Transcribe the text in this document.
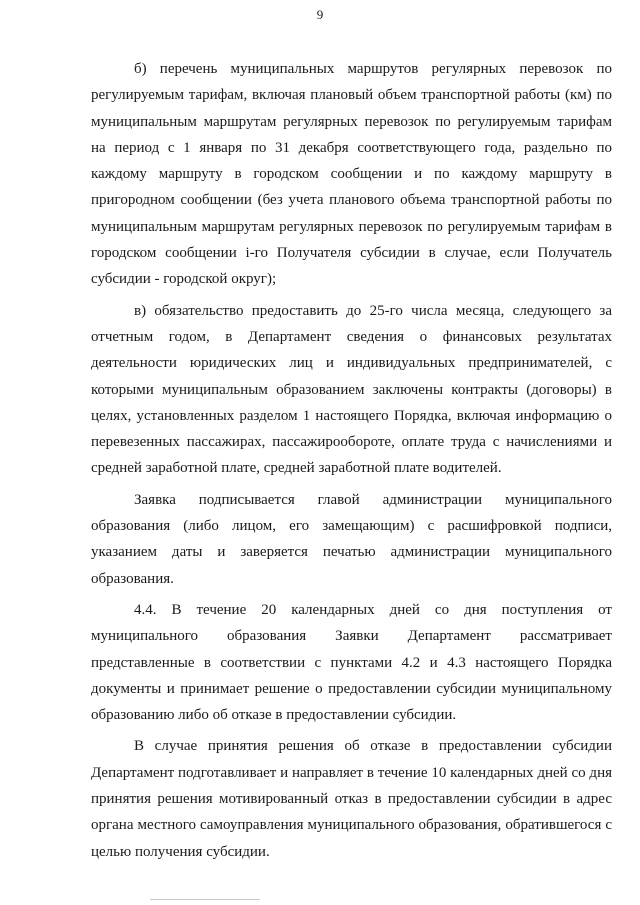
9

б) перечень муниципальных маршрутов регулярных перевозок по регулируемым тарифам, включая плановый объем транспортной работы (км) по муниципальным маршрутам регулярных перевозок по регулируемым тарифам на период с 1 января по 31 декабря соответствующего года, раздельно по каждому маршруту в городском сообщении и по каждому маршруту в пригородном сообщении (без учета планового объема транспортной работы по муниципальным маршрутам регулярных перевозок по регулируемым тарифам в городском сообщении i-го Получателя субсидии в случае, если Получатель субсидии - городской округ);

в) обязательство предоставить до 25-го числа месяца, следующего за отчетным годом, в Департамент сведения о финансовых результатах деятельности юридических лиц и индивидуальных предпринимателей, с которыми муниципальным образованием заключены контракты (договоры) в целях, установленных разделом 1 настоящего Порядка, включая информацию о перевезенных пассажирах, пассажирообороте, оплате труда с начислениями и средней заработной плате, средней заработной плате водителей.

Заявка подписывается главой администрации муниципального образования (либо лицом, его замещающим) с расшифровкой подписи, указанием даты и заверяется печатью администрации муниципального образования.

4.4. В течение 20 календарных дней со дня поступления от муниципального образования Заявки Департамент рассматривает представленные в соответствии с пунктами 4.2 и 4.3 настоящего Порядка документы и принимает решение о предоставлении субсидии муниципальному образованию либо об отказе в предоставлении субсидии.

В случае принятия решения об отказе в предоставлении субсидии Департамент подготавливает и направляет в течение 10 календарных дней со дня принятия решения мотивированный отказ в предоставлении субсидии в адрес органа местного самоуправления муниципального образования, обратившегося с целью получения субсидии.
